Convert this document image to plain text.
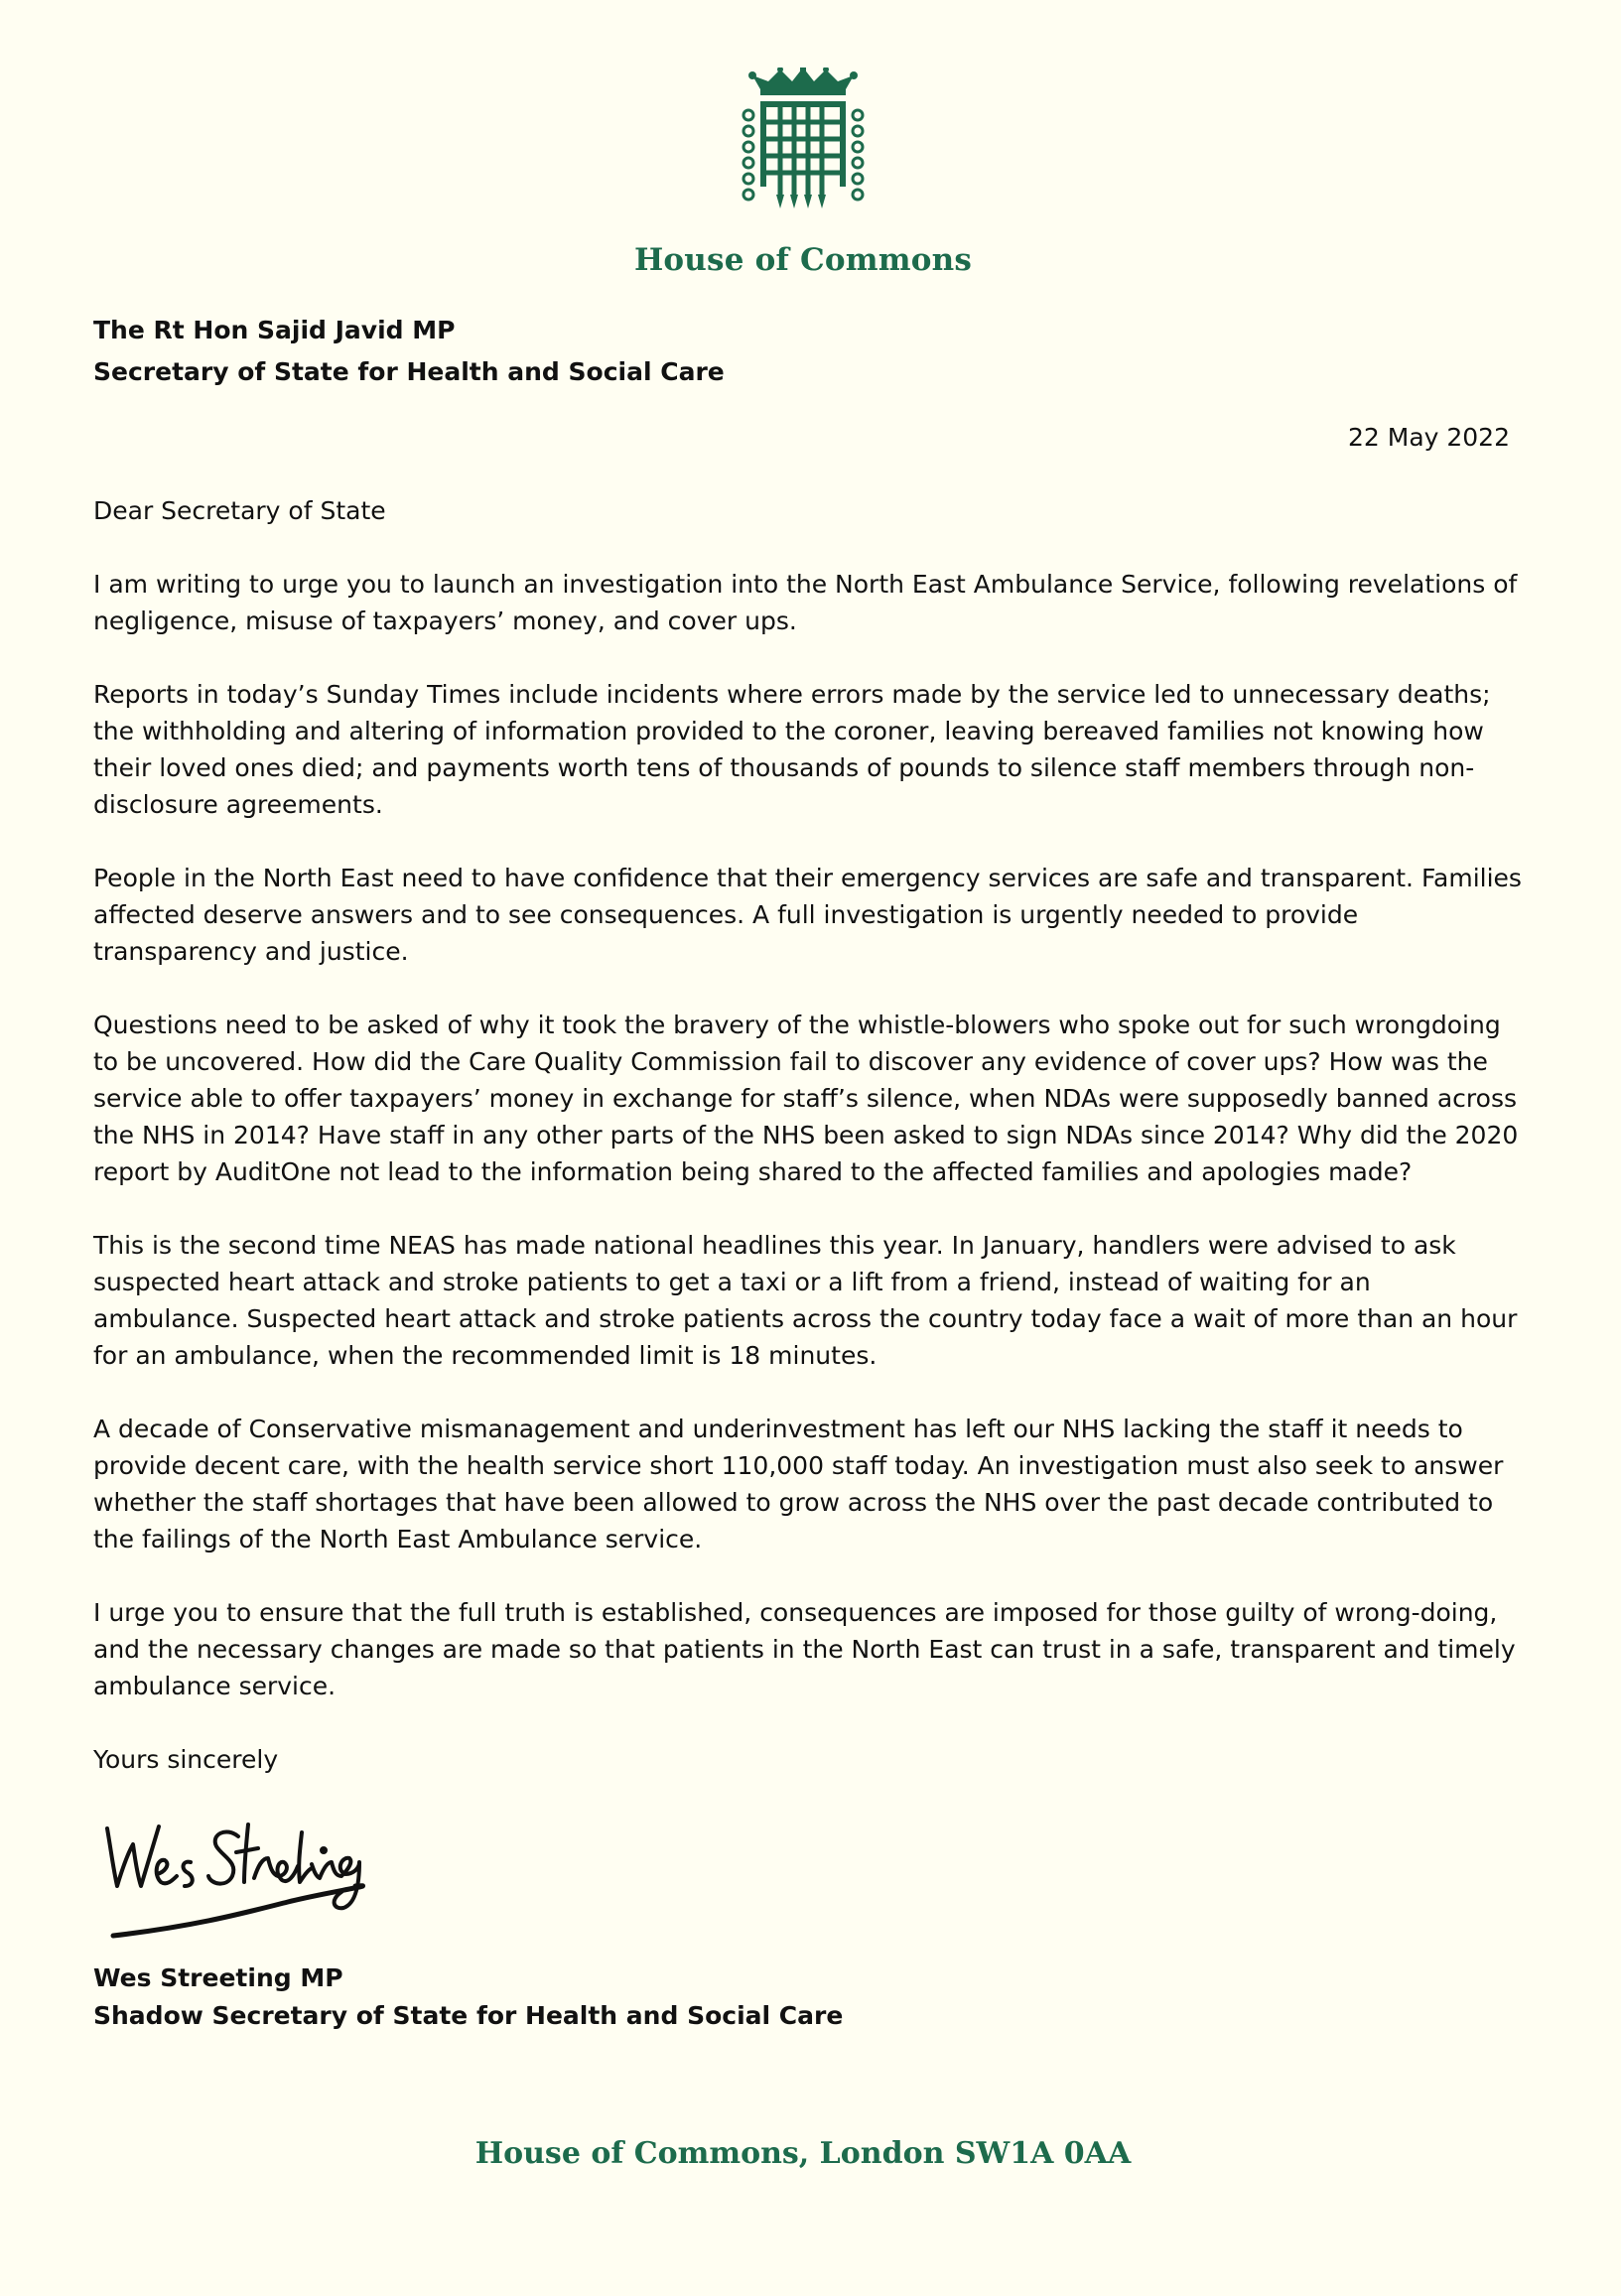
House of Commons
The Rt Hon Sajid Javid MP
Secretary of State for Health and Social Care
22 May 2022

Dear Secretary of State

I am writing to urge you to launch an investigation into the North East Ambulance Service, following revelations of negligence, misuse of taxpayers’ money, and cover ups.

Reports in today’s Sunday Times include incidents where errors made by the service led to unnecessary deaths; the withholding and altering of information provided to the coroner, leaving bereaved families not knowing how their loved ones died; and payments worth tens of thousands of pounds to silence staff members through non-disclosure agreements.

People in the North East need to have confidence that their emergency services are safe and transparent. Families affected deserve answers and to see consequences. A full investigation is urgently needed to provide transparency and justice.

Questions need to be asked of why it took the bravery of the whistle-blowers who spoke out for such wrongdoing to be uncovered. How did the Care Quality Commission fail to discover any evidence of cover ups? How was the service able to offer taxpayers’ money in exchange for staff’s silence, when NDAs were supposedly banned across the NHS in 2014? Have staff in any other parts of the NHS been asked to sign NDAs since 2014? Why did the 2020 report by AuditOne not lead to the information being shared to the affected families and apologies made?

This is the second time NEAS has made national headlines this year. In January, handlers were advised to ask suspected heart attack and stroke patients to get a taxi or a lift from a friend, instead of waiting for an ambulance. Suspected heart attack and stroke patients across the country today face a wait of more than an hour for an ambulance, when the recommended limit is 18 minutes.

A decade of Conservative mismanagement and underinvestment has left our NHS lacking the staff it needs to provide decent care, with the health service short 110,000 staff today. An investigation must also seek to answer whether the staff shortages that have been allowed to grow across the NHS over the past decade contributed to the failings of the North East Ambulance service.

I urge you to ensure that the full truth is established, consequences are imposed for those guilty of wrong-doing, and the necessary changes are made so that patients in the North East can trust in a safe, transparent and timely ambulance service.

Yours sincerely

Wes Streeting MP
Shadow Secretary of State for Health and Social Care
House of Commons, London SW1A 0AA
